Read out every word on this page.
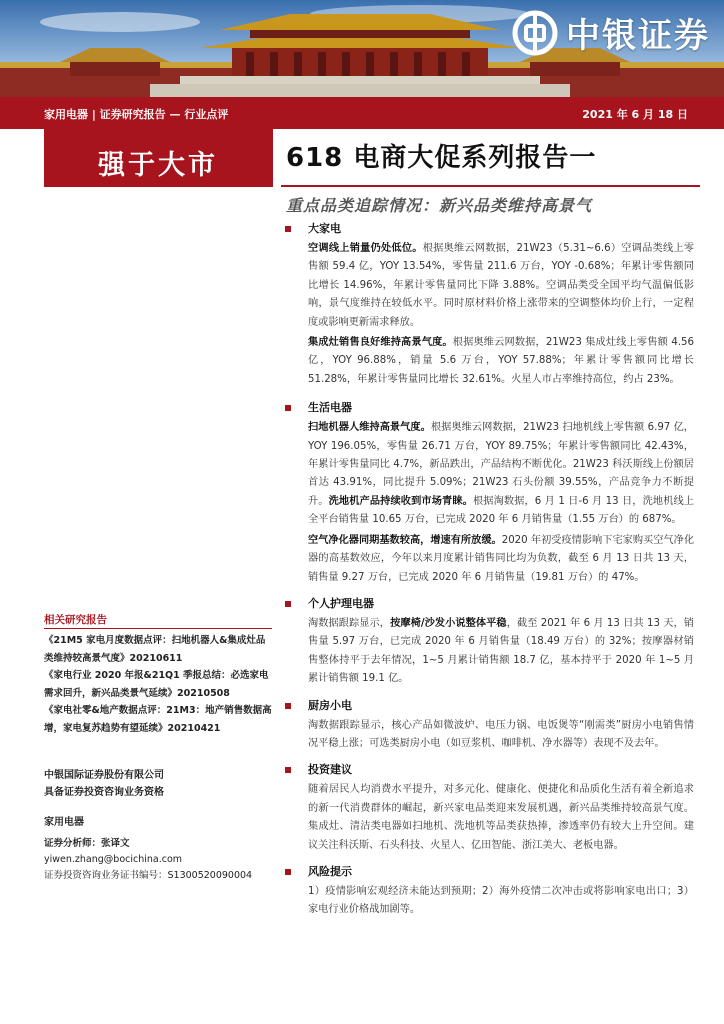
中银证券
家用电器 | 证券研究报告 — 行业点评	2021 年 6 月 18 日
强于大市	618 电商大促系列报告一
重点品类追踪情况：新兴品类维持高景气
大家电

空调线上销量仍处低位。根据奥维云网数据，21W23（5.31~6.6）空调品类线上零售额 59.4 亿，YOY 13.54%，零售量 211.6 万台，YOY -0.68%；年累计零售额同比增长 14.96%，年累计零售量同比下降 3.88%。空调品类受全国平均气温偏低影响，景气度维持在较低水平。同时原材料价格上涨带来的空调整体均价上行，一定程度或影响更新需求释放。

集成灶销售良好维持高景气度。根据奥维云网数据，21W23 集成灶线上零售额 4.56 亿，YOY 96.88%，销量 5.6 万台，YOY 57.88%；年累计零售额同比增长 51.28%，年累计零售量同比增长 32.61%。火星人市占率维持高位，约占 23%。

生活电器

扫地机器人维持高景气度。根据奥维云网数据，21W23 扫地机线上零售额 6.97 亿，YOY 196.05%，零售量 26.71 万台，YOY 89.75%；年累计零售额同比 42.43%，年累计零售量同比 4.7%，新品跌出，产品结构不断优化。21W23 科沃斯线上份额居首达 43.91%，同比提升 5.09%；21W23 石头份额 39.55%，产品竞争力不断提升。洗地机产品持续收到市场青睐。根据淘数据，6 月 1 日-6 月 13 日，洗地机线上全平台销售量 10.65 万台，已完成 2020 年 6 月销售量（1.55 万台）的 687%。

空气净化器同期基数较高，增速有所放缓。2020 年初受疫情影响下宅家购买空气净化器的高基数效应，今年以来月度累计销售同比均为负数，截至 6 月 13 日共 13 天，销售量 9.27 万台，已完成 2020 年 6 月销售量（19.81 万台）的 47%。

个人护理电器

淘数据跟踪显示，按摩椅/沙发小说整体平稳，截至 2021 年 6 月 13 日共 13 天，销售量 5.97 万台，已完成 2020 年 6 月销售量（18.49 万台）的 32%；按摩器材销售整体持平于去年情况，1~5 月累计销售额 18.7 亿，基本持平于 2020 年 1~5 月累计销售额 19.1 亿。

厨房小电

淘数据跟踪显示，核心产品如微波炉、电压力锅、电饭煲等“刚需类”厨房小电销售情况平稳上涨；可选类厨房小电（如豆浆机、咖啡机、净水器等）表现不及去年。

投资建议

随着居民人均消费水平提升，对多元化、健康化、便捷化和品质化生活有着全新追求的新一代消费群体的崛起，新兴家电品类迎来发展机遇，新兴品类维持较高景气度。集成灶、清洁类电器如扫地机、洗地机等品类获热捧，渗透率仍有较大上升空间。建议关注科沃斯、石头科技、火星人、亿田智能、浙江美大、老板电器。

风险提示

1）疫情影响宏观经济未能达到预期；2）海外疫情二次冲击或将影响家电出口；3）家电行业价格战加剧等。

相关研究报告
《21M5 家电月度数据点评：扫地机器人&集成灶品类维持较高景气度》20210611
《家电行业 2020 年报&21Q1 季报总结：必选家电需求回升，新兴品类景气延续》20210508
《家电社零&地产数据点评：21M3：地产销售数据高增，家电复苏趋势有望延续》20210421
中银国际证券股份有限公司
具备证券投资咨询业务资格
家用电器
证券分析师：张译文
yiwen.zhang@bocichina.com
证券投资咨询业务证书编号：S1300520090004
